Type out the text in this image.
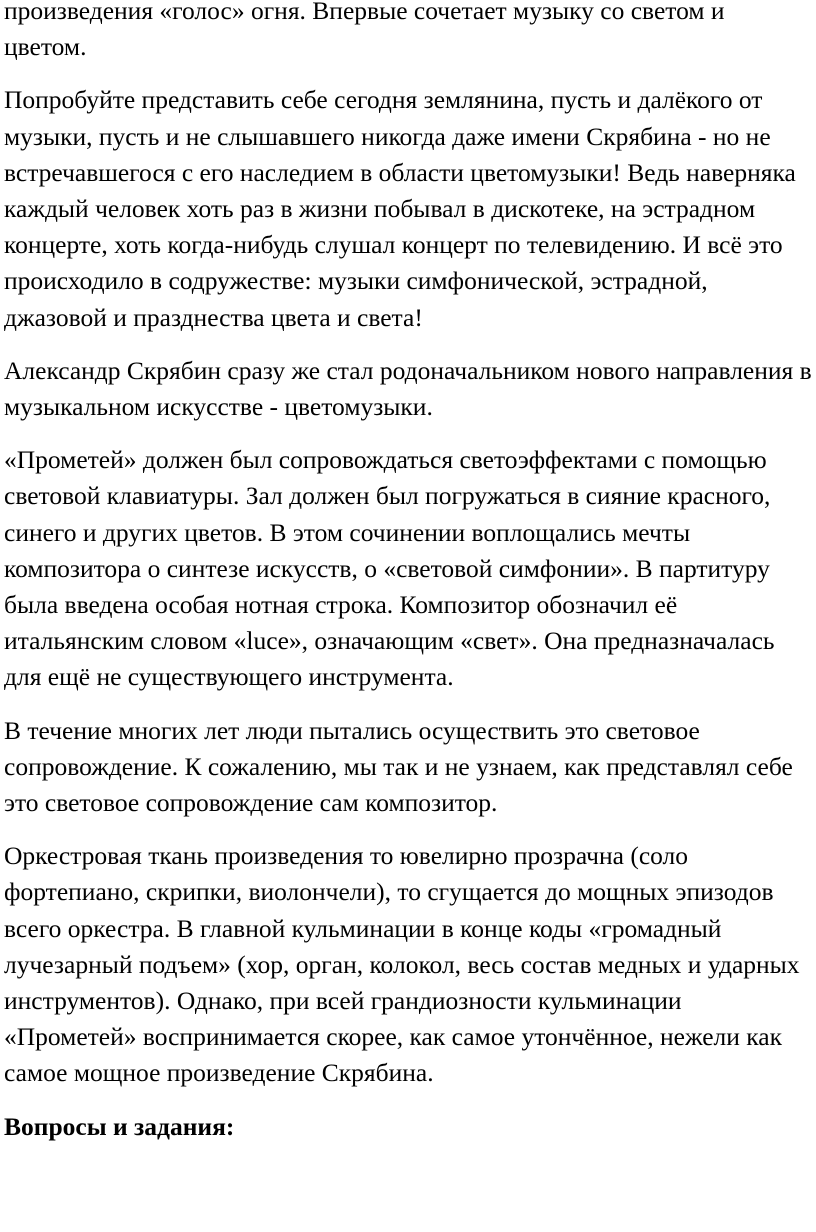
произведения «голос» огня. Впервые сочетает музыку со светом и цветом.

Попробуйте представить себе сегодня землянина, пусть и далёкого от музыки, пусть и не слышавшего никогда даже имени Скрябина - но не встречавшегося с его наследием в области цветомузыки! Ведь наверняка каждый человек хоть раз в жизни побывал в дискотеке, на эстрадном концерте, хоть когда-нибудь слушал концерт по телевидению. И всё это происходило в содружестве: музыки симфонической, эстрадной, джазовой и празднества цвета и света!

Александр Скрябин сразу же стал родоначальником нового направления в музыкальном искусстве - цветомузыки.

«Прометей» должен был сопровождаться светоэффектами с помощью световой клавиатуры. Зал должен был погружаться в сияние красного, синего и других цветов. В этом сочинении воплощались мечты композитора о синтезе искусств, о «световой симфонии». В партитуру была введена особая нотная строка. Композитор обозначил её итальянским словом «luce», означающим «свет». Она предназначалась для ещё не существующего инструмента.

В течение многих лет люди пытались осуществить это световое сопровождение. К сожалению, мы так и не узнаем, как представлял себе это световое сопровождение сам композитор.

Оркестровая ткань произведения то ювелирно прозрачна (соло фортепиано, скрипки, виолончели), то сгущается до мощных эпизодов всего оркестра. В главной кульминации в конце коды «громадный лучезарный подъем» (хор, орган, колокол, весь состав медных и ударных инструментов). Однако, при всей грандиозности кульминации «Прометей» воспринимается скорее, как самое утончённое, нежели как самое мощное произведение Скрябина.

Вопросы и задания:
